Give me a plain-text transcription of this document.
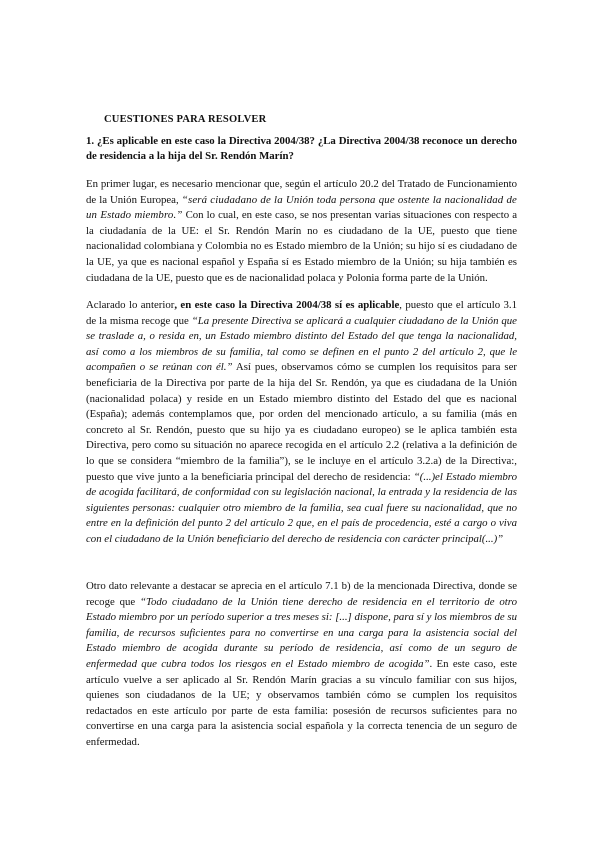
CUESTIONES PARA RESOLVER
1. ¿Es aplicable en este caso la Directiva 2004/38? ¿La Directiva 2004/38 reconoce un derecho de residencia a la hija del Sr. Rendón Marín?
En primer lugar, es necesario mencionar que, según el artículo 20.2 del Tratado de Funcionamiento de la Unión Europea, “será ciudadano de la Unión toda persona que ostente la nacionalidad de un Estado miembro.” Con lo cual, en este caso, se nos presentan varias situaciones con respecto a la ciudadanía de la UE: el Sr. Rendón Marín no es ciudadano de la UE, puesto que tiene nacionalidad colombiana y Colombia no es Estado miembro de la Unión; su hijo sí es ciudadano de la UE, ya que es nacional español y España sí es Estado miembro de la Unión; su hija también es ciudadana de la UE, puesto que es de nacionalidad polaca y Polonia forma parte de la Unión.
Aclarado lo anterior, en este caso la Directiva 2004/38 sí es aplicable, puesto que el artículo 3.1 de la misma recoge que “La presente Directiva se aplicará a cualquier ciudadano de la Unión que se traslade a, o resida en, un Estado miembro distinto del Estado del que tenga la nacionalidad, así como a los miembros de su familia, tal como se definen en el punto 2 del artículo 2, que le acompañen o se reúnan con él.” Así pues, observamos cómo se cumplen los requisitos para ser beneficiaria de la Directiva por parte de la hija del Sr. Rendón, ya que es ciudadana de la Unión (nacionalidad polaca) y reside en un Estado miembro distinto del Estado del que es nacional (España); además contemplamos que, por orden del mencionado artículo, a su familia (más en concreto al Sr. Rendón, puesto que su hijo ya es ciudadano europeo) se le aplica también esta Directiva, pero como su situación no aparece recogida en el artículo 2.2 (relativa a la definición de lo que se considera “miembro de la familia”), se le incluye en el artículo 3.2.a) de la Directiva:, puesto que vive junto a la beneficiaria principal del derecho de residencia: “(...)el Estado miembro de acogida facilitará, de conformidad con su legislación nacional, la entrada y la residencia de las siguientes personas: cualquier otro miembro de la familia, sea cual fuere su nacionalidad, que no entre en la definición del punto 2 del artículo 2 que, en el país de procedencia, esté a cargo o viva con el ciudadano de la Unión beneficiario del derecho de residencia con carácter principal(...)”
Otro dato relevante a destacar se aprecia en el artículo 7.1 b) de la mencionada Directiva, donde se recoge que “Todo ciudadano de la Unión tiene derecho de residencia en el territorio de otro Estado miembro por un período superior a tres meses si: [...] dispone, para sí y los miembros de su familia, de recursos suficientes para no convertirse en una carga para la asistencia social del Estado miembro de acogida durante su período de residencia, así como de un seguro de enfermedad que cubra todos los riesgos en el Estado miembro de acogida”. En este caso, este artículo vuelve a ser aplicado al Sr. Rendón Marín gracias a su vínculo familiar con sus hijos, quienes son ciudadanos de la UE; y observamos también cómo se cumplen los requisitos redactados en este artículo por parte de esta familia: posesión de recursos suficientes para no convertirse en una carga para la asistencia social española y la correcta tenencia de un seguro de enfermedad.
